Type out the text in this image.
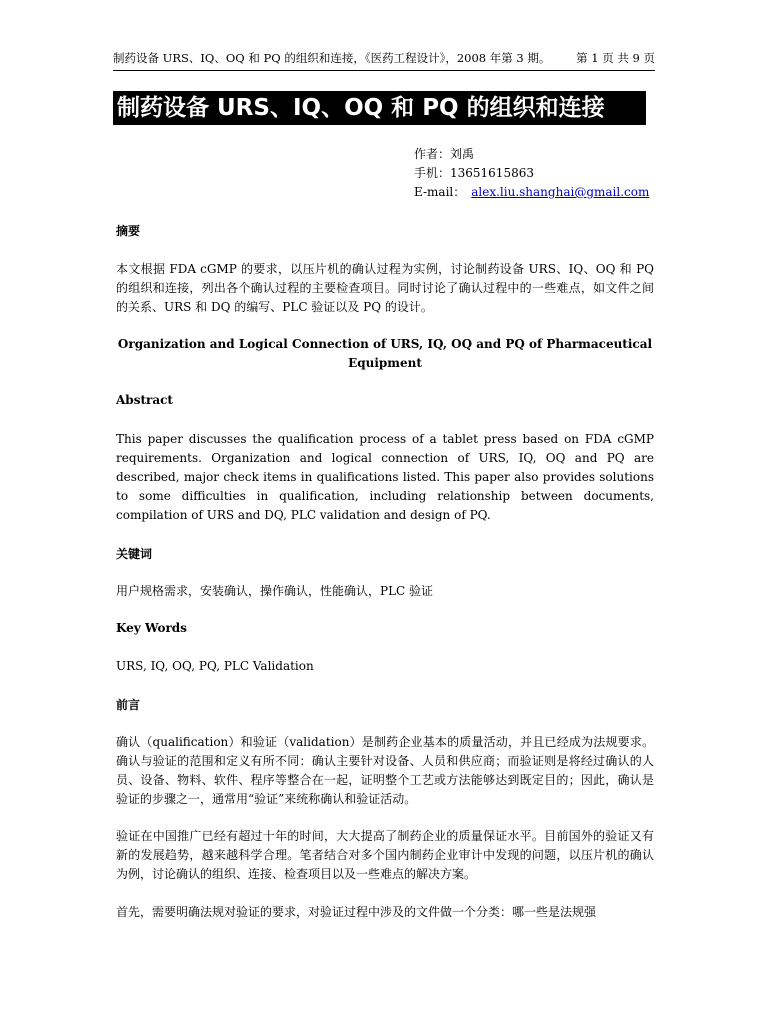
制药设备 URS、IQ、OQ 和 PQ 的组织和连接，《医药工程设计》，2008 年第 3 期。 第 1 页 共 9 页
制药设备 URS、IQ、OQ 和 PQ 的组织和连接
作者：刘禹
手机：13651615863
E-mail： alex.liu.shanghai@gmail.com
摘要
本文根据 FDA cGMP 的要求，以压片机的确认过程为实例，讨论制药设备 URS、IQ、OQ 和 PQ 的组织和连接，列出各个确认过程的主要检查项目。同时讨论了确认过程中的一些难点，如文件之间的关系、URS 和 DQ 的编写、PLC 验证以及 PQ 的设计。
Organization and Logical Connection of URS, IQ, OQ and PQ of Pharmaceutical Equipment
Abstract
This paper discusses the qualification process of a tablet press based on FDA cGMP requirements. Organization and logical connection of URS, IQ, OQ and PQ are described, major check items in qualifications listed. This paper also provides solutions to some difficulties in qualification, including relationship between documents, compilation of URS and DQ, PLC validation and design of PQ.
关键词
用户规格需求，安装确认，操作确认，性能确认，PLC 验证
Key Words
URS, IQ, OQ, PQ, PLC Validation
前言
确认（qualification）和验证（validation）是制药企业基本的质量活动，并且已经成为法规要求。确认与验证的范围和定义有所不同：确认主要针对设备、人员和供应商；而验证则是将经过确认的人员、设备、物料、软件、程序等整合在一起，证明整个工艺或方法能够达到既定目的；因此，确认是验证的步骤之一，通常用“验证”来统称确认和验证活动。
验证在中国推广已经有超过十年的时间，大大提高了制药企业的质量保证水平。目前国外的验证又有新的发展趋势，越来越科学合理。笔者结合对多个国内制药企业审计中发现的问题，以压片机的确认为例，讨论确认的组织、连接、检查项目以及一些难点的解决方案。
首先，需要明确法规对验证的要求，对验证过程中涉及的文件做一个分类：哪一些是法规强
